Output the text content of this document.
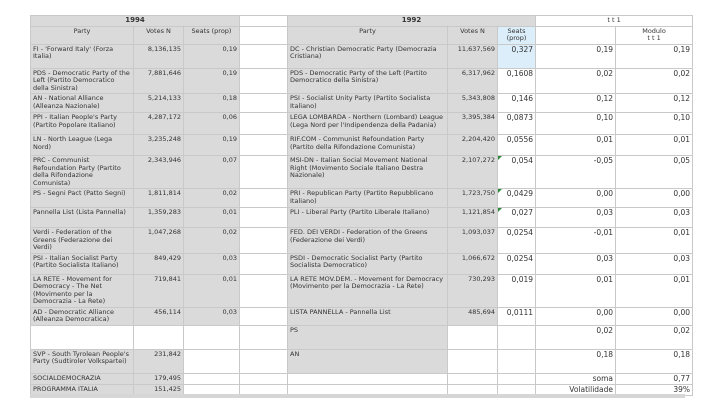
1994				1992			t t 1	
Party	Votes N	Seats (prop)		Party	Votes N	Seats (prop)		Modulo
t t 1

FI - 'Forward Italy' (Forza Italia)	8,136,135	0,19		DC - Christian Democratic Party (Democrazia Cristiana)	11,637,569	0,327	0,19	0,19
PDS - Democratic Party of the Left (Partito Democratico della Sinistra)	7,881,646	0,19		PDS - Democratic Party of the Left (Partito Democratico della Sinistra)	6,317,962	0,1608	0,02	0,02
AN - National Alliance (Alleanza Nazionale)	5,214,133	0,18		PSI - Socialist Unity Party (Partito Socialista Italiano)	5,343,808	0,146	0,12	0,12
PPI - Italian People's Party (Partito Popolare Italiano)	4,287,172	0,06		LEGA LOMBARDA - Northern (Lombard) League (Lega Nord per l'Indipendenza della Padania)	3,395,384	0,0873	0,10	0,10
LN - North League (Lega Nord)	3,235,248	0,19		RIF.COM - Communist Refoundation Party (Partito della Rifondazione Comunista)	2,204,420	0,0556	0,01	0,01
PRC - Communist Refoundation Party (Partito della Rifondazione Comunista)	2,343,946	0,07		MSI-DN - Italian Social Movement National Right (Movimento Sociale Italiano Destra Nazionale)	2,107,272	0,054	-0,05	0,05
PS - Segni Pact (Patto Segni)	1,811,814	0,02		PRI - Republican Party (Partito Repubblicano Italiano)	1,723,750	0,0429	0,00	0,00
Pannella List (Lista Pannella)	1,359,283	0,01		PLI - Liberal Party (Partito Liberale Italiano)	1,121,854	0,027	0,03	0,03
Verdi - Federation of the Greens (Federazione dei Verdi)	1,047,268	0,02		FED. DEI VERDI - Federation of the Greens (Federazione dei Verdi)	1,093,037	0,0254	-0,01	0,01
PSI - Italian Socialist Party (Partito Socialista Italiano)	849,429	0,03		PSDI - Democratic Socialist Party (Partito Socialista Democratico)	1,066,672	0,0254	0,03	0,03
LA RETE - Movement for Democracy - The Net (Movimento per la Democrazia - La Rete)	719,841	0,01		LA RETE MOV.DEM. - Movement for Democracy (Movimento per la Democrazia - La Rete)	730,293	0,019	0,01	0,01
AD - Democratic Alliance (Alleanza Democratica)	456,114	0,03		LISTA PANNELLA - Pannella List	485,694	0,0111	0,00	0,00
				PS			0,02	0,02
SVP - South Tyrolean People's Party (Sudtiroler Volkspartei)	231,842			AN			0,18	0,18
SOCIALDEMOCRAZIA	179,495						soma	0,77
PROGRAMMA ITALIA	151,425						Volatilidade	39%
